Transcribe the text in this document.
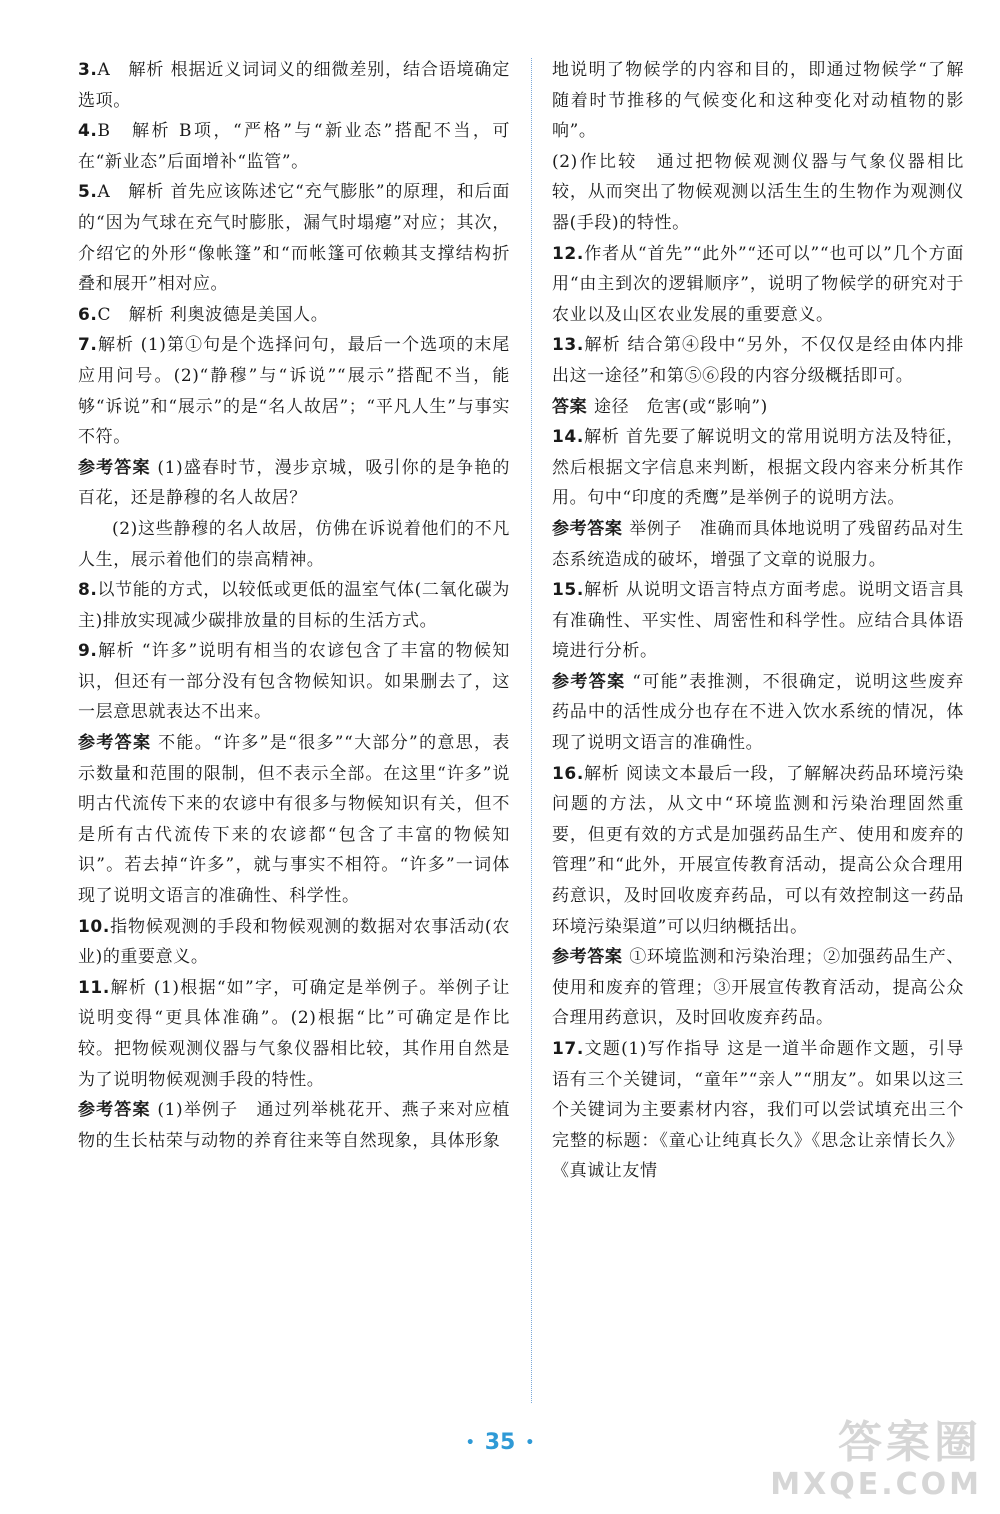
3.A　解析 根据近义词词义的细微差别，结合语境确定选项。

4.B　解析 B项，“严格”与“新业态”搭配不当，可在“新业态”后面增补“监管”。

5.A　解析 首先应该陈述它“充气膨胀”的原理，和后面的“因为气球在充气时膨胀，漏气时塌瘪”对应；其次，介绍它的外形“像帐篷”和“而帐篷可依赖其支撑结构折叠和展开”相对应。

6.C　解析 利奥波德是美国人。

7.解析 (1)第①句是个选择问句，最后一个选项的末尾应用问号。(2)“静穆”与“诉说”“展示”搭配不当，能够“诉说”和“展示”的是“名人故居”；“平凡人生”与事实不符。

参考答案 (1)盛春时节，漫步京城，吸引你的是争艳的百花，还是静穆的名人故居？

(2)这些静穆的名人故居，仿佛在诉说着他们的不凡人生，展示着他们的崇高精神。

8.以节能的方式，以较低或更低的温室气体(二氧化碳为主)排放实现减少碳排放量的目标的生活方式。

9.解析 “许多”说明有相当的农谚包含了丰富的物候知识，但还有一部分没有包含物候知识。如果删去了，这一层意思就表达不出来。

参考答案 不能。“许多”是“很多”“大部分”的意思，表示数量和范围的限制，但不表示全部。在这里“许多”说明古代流传下来的农谚中有很多与物候知识有关，但不是所有古代流传下来的农谚都“包含了丰富的物候知识”。若去掉“许多”，就与事实不相符。“许多”一词体现了说明文语言的准确性、科学性。

10.指物候观测的手段和物候观测的数据对农事活动(农业)的重要意义。

11.解析 (1)根据“如”字，可确定是举例子。举例子让说明变得“更具体准确”。(2)根据“比”可确定是作比较。把物候观测仪器与气象仪器相比较，其作用自然是为了说明物候观测手段的特性。

参考答案 (1)举例子　通过列举桃花开、燕子来对应植物的生长枯荣与动物的养育往来等自然现象，具体形象

地说明了物候学的内容和目的，即通过物候学“了解随着时节推移的气候变化和这种变化对动植物的影响”。

(2)作比较　通过把物候观测仪器与气象仪器相比较，从而突出了物候观测以活生生的生物作为观测仪器(手段)的特性。

12.作者从“首先”“此外”“还可以”“也可以”几个方面用“由主到次的逻辑顺序”，说明了物候学的研究对于农业以及山区农业发展的重要意义。

13.解析 结合第④段中“另外，不仅仅是经由体内排出这一途径”和第⑤⑥段的内容分级概括即可。

答案 途径　危害(或“影响”)

14.解析 首先要了解说明文的常用说明方法及特征，然后根据文字信息来判断，根据文段内容来分析其作用。句中“印度的秃鹰”是举例子的说明方法。

参考答案 举例子　准确而具体地说明了残留药品对生态系统造成的破坏，增强了文章的说服力。

15.解析 从说明文语言特点方面考虑。说明文语言具有准确性、平实性、周密性和科学性。应结合具体语境进行分析。

参考答案 “可能”表推测，不很确定，说明这些废弃药品中的活性成分也存在不进入饮水系统的情况，体现了说明文语言的准确性。

16.解析 阅读文本最后一段，了解解决药品环境污染问题的方法，从文中“环境监测和污染治理固然重要，但更有效的方式是加强药品生产、使用和废弃的管理”和“此外，开展宣传教育活动，提高公众合理用药意识，及时回收废弃药品，可以有效控制这一药品环境污染渠道”可以归纳概括出。

参考答案 ①环境监测和污染治理；②加强药品生产、使用和废弃的管理；③开展宣传教育活动，提高公众合理用药意识，及时回收废弃药品。

17.文题(1)写作指导 这是一道半命题作文题，引导语有三个关键词，“童年”“亲人”“朋友”。如果以这三个关键词为主要素材内容，我们可以尝试填充出三个完整的标题：《童心让纯真长久》《思念让亲情长久》《真诚让友情

• 35 •	答案圈
MXQE.COM
